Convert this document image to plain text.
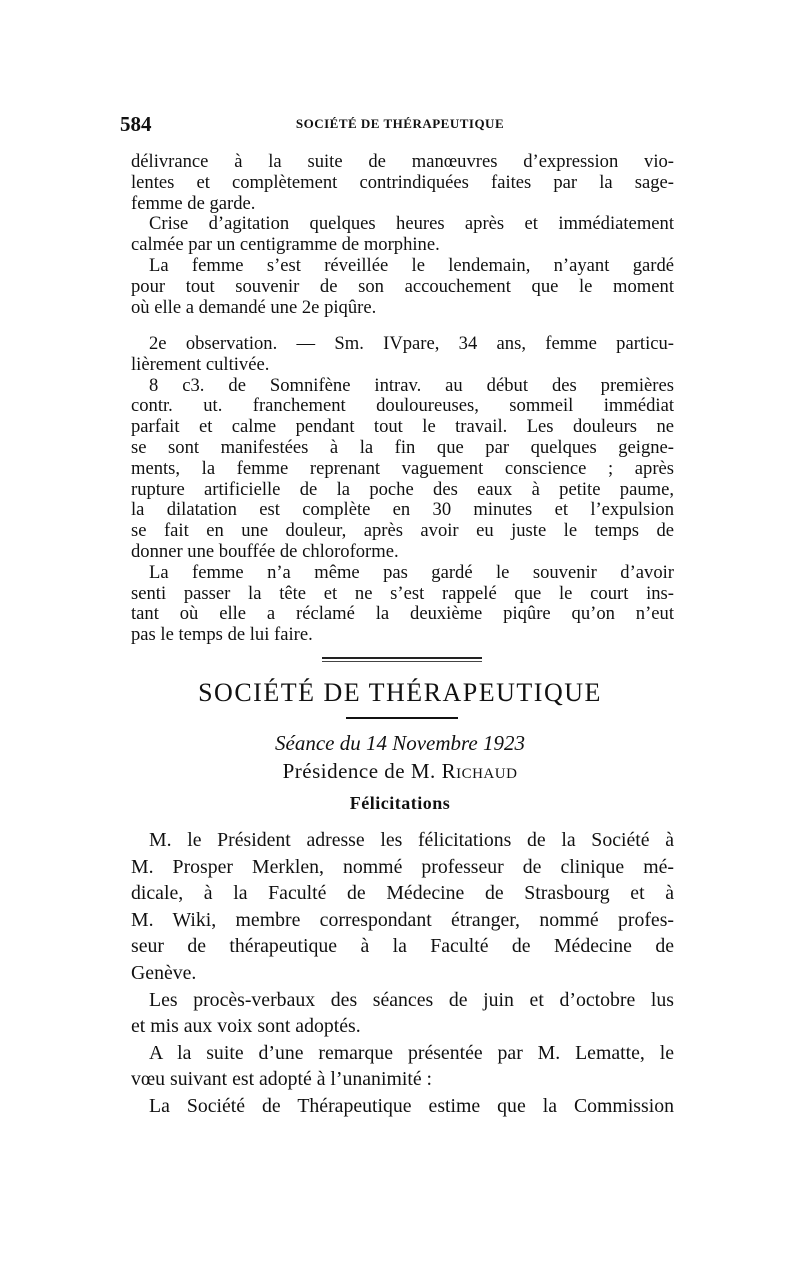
584	SOCIÉTÉ DE THÉRAPEUTIQUE
délivrance à la suite de manœuvres d’expression vio-
lentes et complètement contrindiquées faites par la sage-
femme de garde.
Crise d’agitation quelques heures après et immédiatement
calmée par un centigramme de morphine.
La femme s’est réveillée le lendemain, n’ayant gardé
pour tout souvenir de son accouchement que le moment
où elle a demandé une 2e piqûre.
2e observation. — Sm. IVpare, 34 ans, femme particu-
lièrement cultivée.
8 c3. de Somnifène intrav. au début des premières
contr. ut. franchement douloureuses, sommeil immédiat
parfait et calme pendant tout le travail. Les douleurs ne
se sont manifestées à la fin que par quelques geigne-
ments, la femme reprenant vaguement conscience ; après
rupture artificielle de la poche des eaux à petite paume,
la dilatation est complète en 30 minutes et l’expulsion
se fait en une douleur, après avoir eu juste le temps de
donner une bouffée de chloroforme.
La femme n’a même pas gardé le souvenir d’avoir
senti passer la tête et ne s’est rappelé que le court ins-
tant où elle a réclamé la deuxième piqûre qu’on n’eut
pas le temps de lui faire.
SOCIÉTÉ DE THÉRAPEUTIQUE
Séance du 14 Novembre 1923
Présidence de M. Richaud
Félicitations
M. le Président adresse les félicitations de la Société à
M. Prosper Merklen, nommé professeur de clinique mé-
dicale, à la Faculté de Médecine de Strasbourg et à
M. Wiki, membre correspondant étranger, nommé profes-
seur de thérapeutique à la Faculté de Médecine de
Genève.
Les procès-verbaux des séances de juin et d’octobre lus
et mis aux voix sont adoptés.
A la suite d’une remarque présentée par M. Lematte, le
vœu suivant est adopté à l’unanimité :
La Société de Thérapeutique estime que la Commission
